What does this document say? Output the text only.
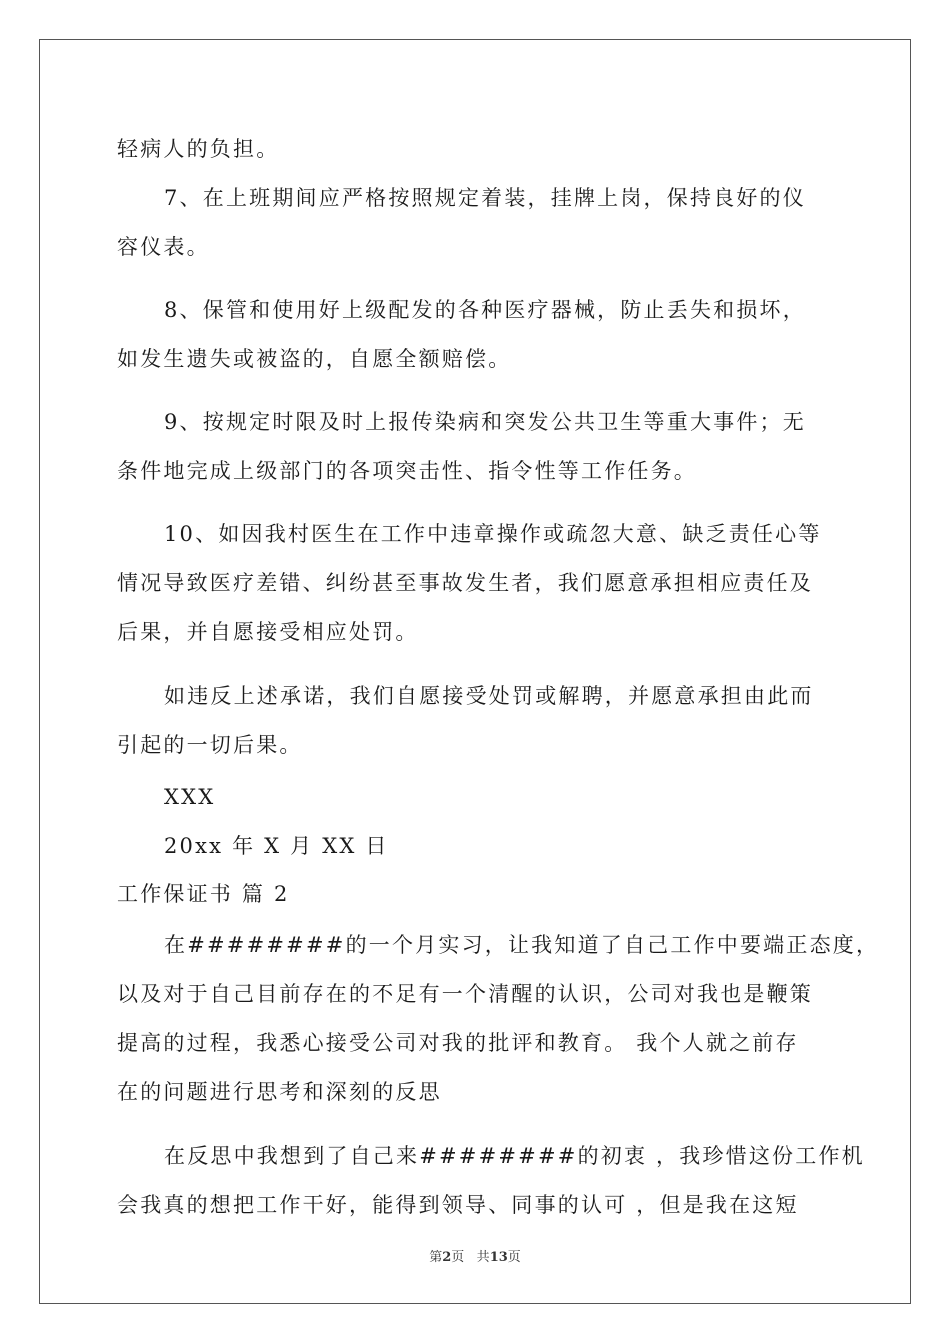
轻病人的负担。
7、在上班期间应严格按照规定着装，挂牌上岗，保持良好的仪
容仪表。
8、保管和使用好上级配发的各种医疗器械，防止丢失和损坏，
如发生遗失或被盗的，自愿全额赔偿。
9、按规定时限及时上报传染病和突发公共卫生等重大事件；无
条件地完成上级部门的各项突击性、指令性等工作任务。
10、如因我村医生在工作中违章操作或疏忽大意、缺乏责任心等
情况导致医疗差错、纠纷甚至事故发生者，我们愿意承担相应责任及
后果，并自愿接受相应处罚。
如违反上述承诺，我们自愿接受处罚或解聘，并愿意承担由此而
引起的一切后果。
XXX
20xx 年 X 月 XX 日
工作保证书 篇 2
在########的一个月实习，让我知道了自己工作中要端正态度，
以及对于自己目前存在的不足有一个清醒的认识，公司对我也是鞭策
提高的过程，我悉心接受公司对我的批评和教育。 我个人就之前存
在的问题进行思考和深刻的反思
在反思中我想到了自己来########的初衷 ，我珍惜这份工作机
会我真的想把工作干好，能得到领导、同事的认可 ，但是我在这短
第2页 共13页
